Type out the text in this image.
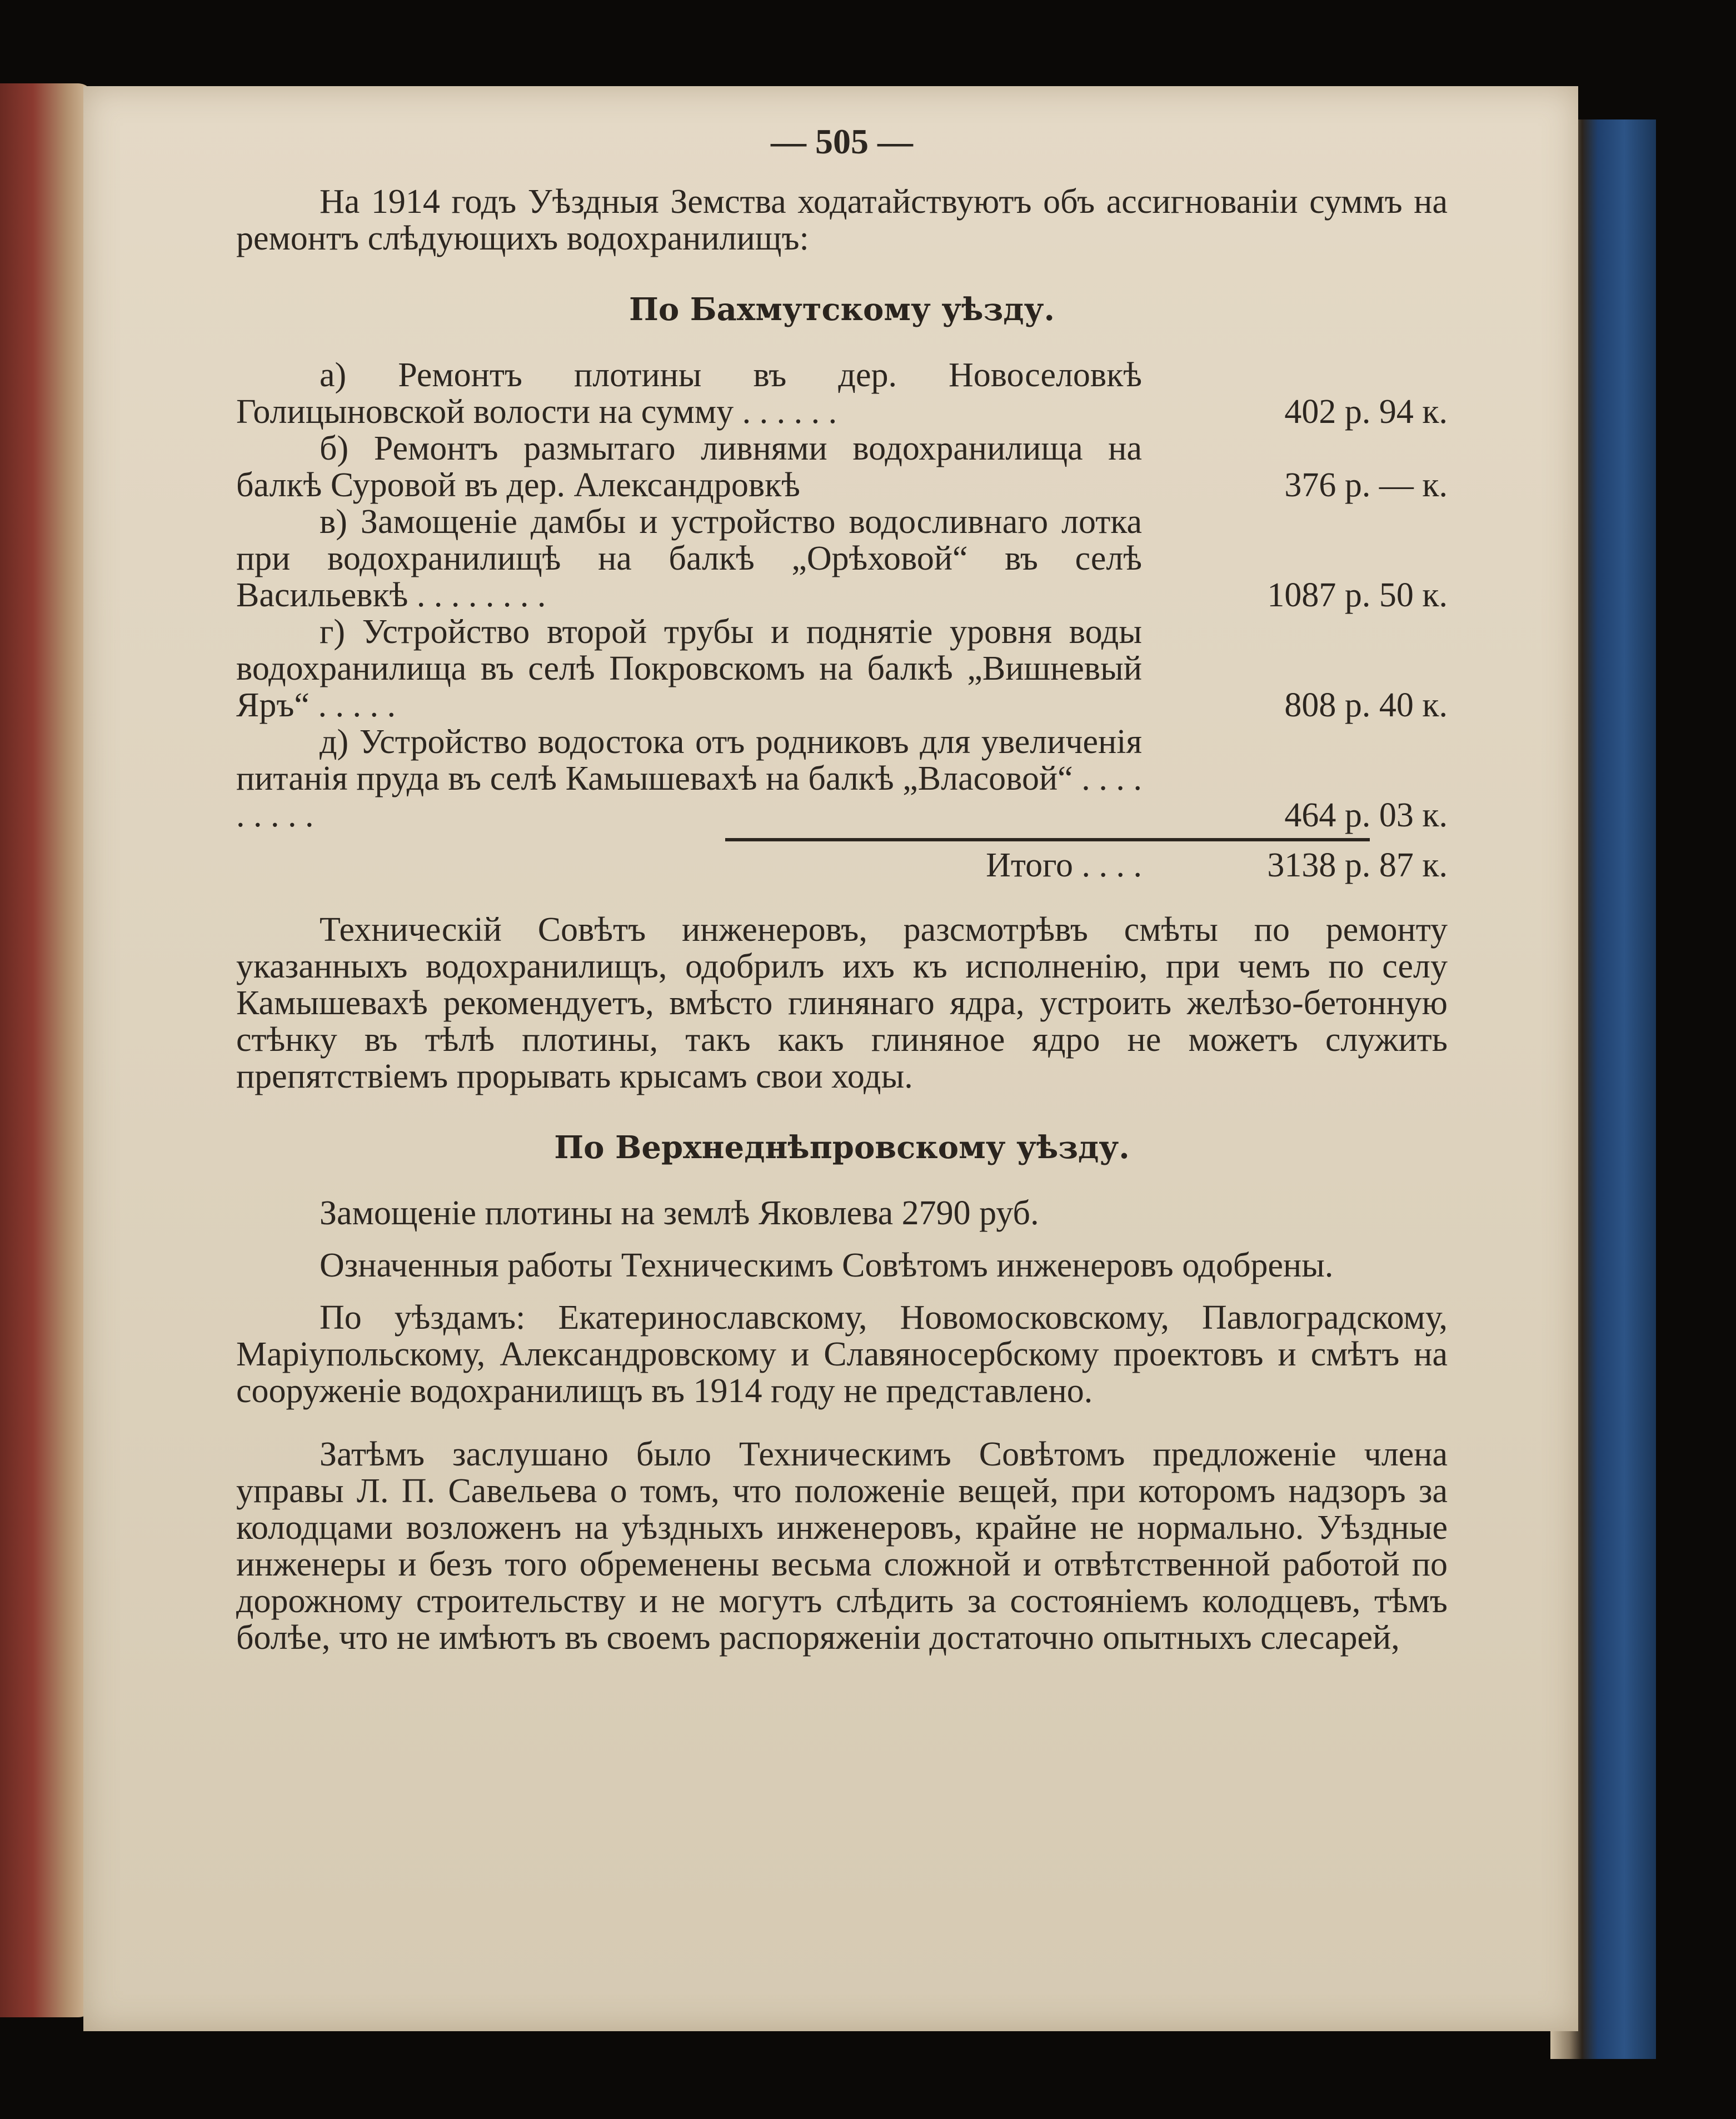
— 505 —

На 1914 годъ Уѣздныя Земства ходатайствуютъ объ ассигнованіи суммъ на ремонтъ слѣдующихъ водохранилищъ:

По Бахмутскому уѣзду.

а) Ремонтъ плотины въ дер. Новоселовкѣ Голицыновской волости на сумму . . . . . .	402 р. 94 к.

б) Ремонтъ размытаго ливнями водохранилища на балкѣ Суровой въ дер. Александровкѣ	376 р. — к.

в) Замощеніе дамбы и устройство водосливнаго лотка при водохранилищѣ на балкѣ „Орѣховой“ въ селѣ Васильевкѣ . . . . . . . .	1087 р. 50 к.

г) Устройство второй трубы и поднятіе уровня воды водохранилища въ селѣ Покровскомъ на балкѣ „Вишневый Яръ“ . . . . .	808 р. 40 к.

д) Устройство водостока отъ родниковъ для увеличенія питанія пруда въ селѣ Камышевахѣ на балкѣ „Власовой“ . . . . . . . . .	464 р. 03 к.
Итого . . . .	3138 р. 87 к.

Техническій Совѣтъ инженеровъ, разсмотрѣвъ смѣты по ремонту указанныхъ водохранилищъ, одобрилъ ихъ къ исполненію, при чемъ по селу Камышевахѣ рекомендуетъ, вмѣсто глинянаго ядра, устроить желѣзо-бетонную стѣнку въ тѣлѣ плотины, такъ какъ глиняное ядро не можетъ служить препятствіемъ прорывать крысамъ свои ходы.

По Верхнеднѣпровскому уѣзду.

Замощеніе плотины на землѣ Яковлева 2790 руб.

Означенныя работы Техническимъ Совѣтомъ инженеровъ одобрены.

По уѣздамъ: Екатеринославскому, Новомосковскому, Павлоградскому, Маріупольскому, Александровскому и Славяносербскому проектовъ и смѣтъ на сооруженіе водохранилищъ въ 1914 году не представлено.

Затѣмъ заслушано было Техническимъ Совѣтомъ предложеніе члена управы Л. П. Савельева о томъ, что положеніе вещей, при которомъ надзоръ за колодцами возложенъ на уѣздныхъ инженеровъ, крайне не нормально. Уѣздные инженеры и безъ того обременены весьма сложной и отвѣтственной работой по дорожному строительству и не могутъ слѣдить за состояніемъ колодцевъ, тѣмъ болѣе, что не имѣютъ въ своемъ распоряженіи достаточно опытныхъ слесарей,
